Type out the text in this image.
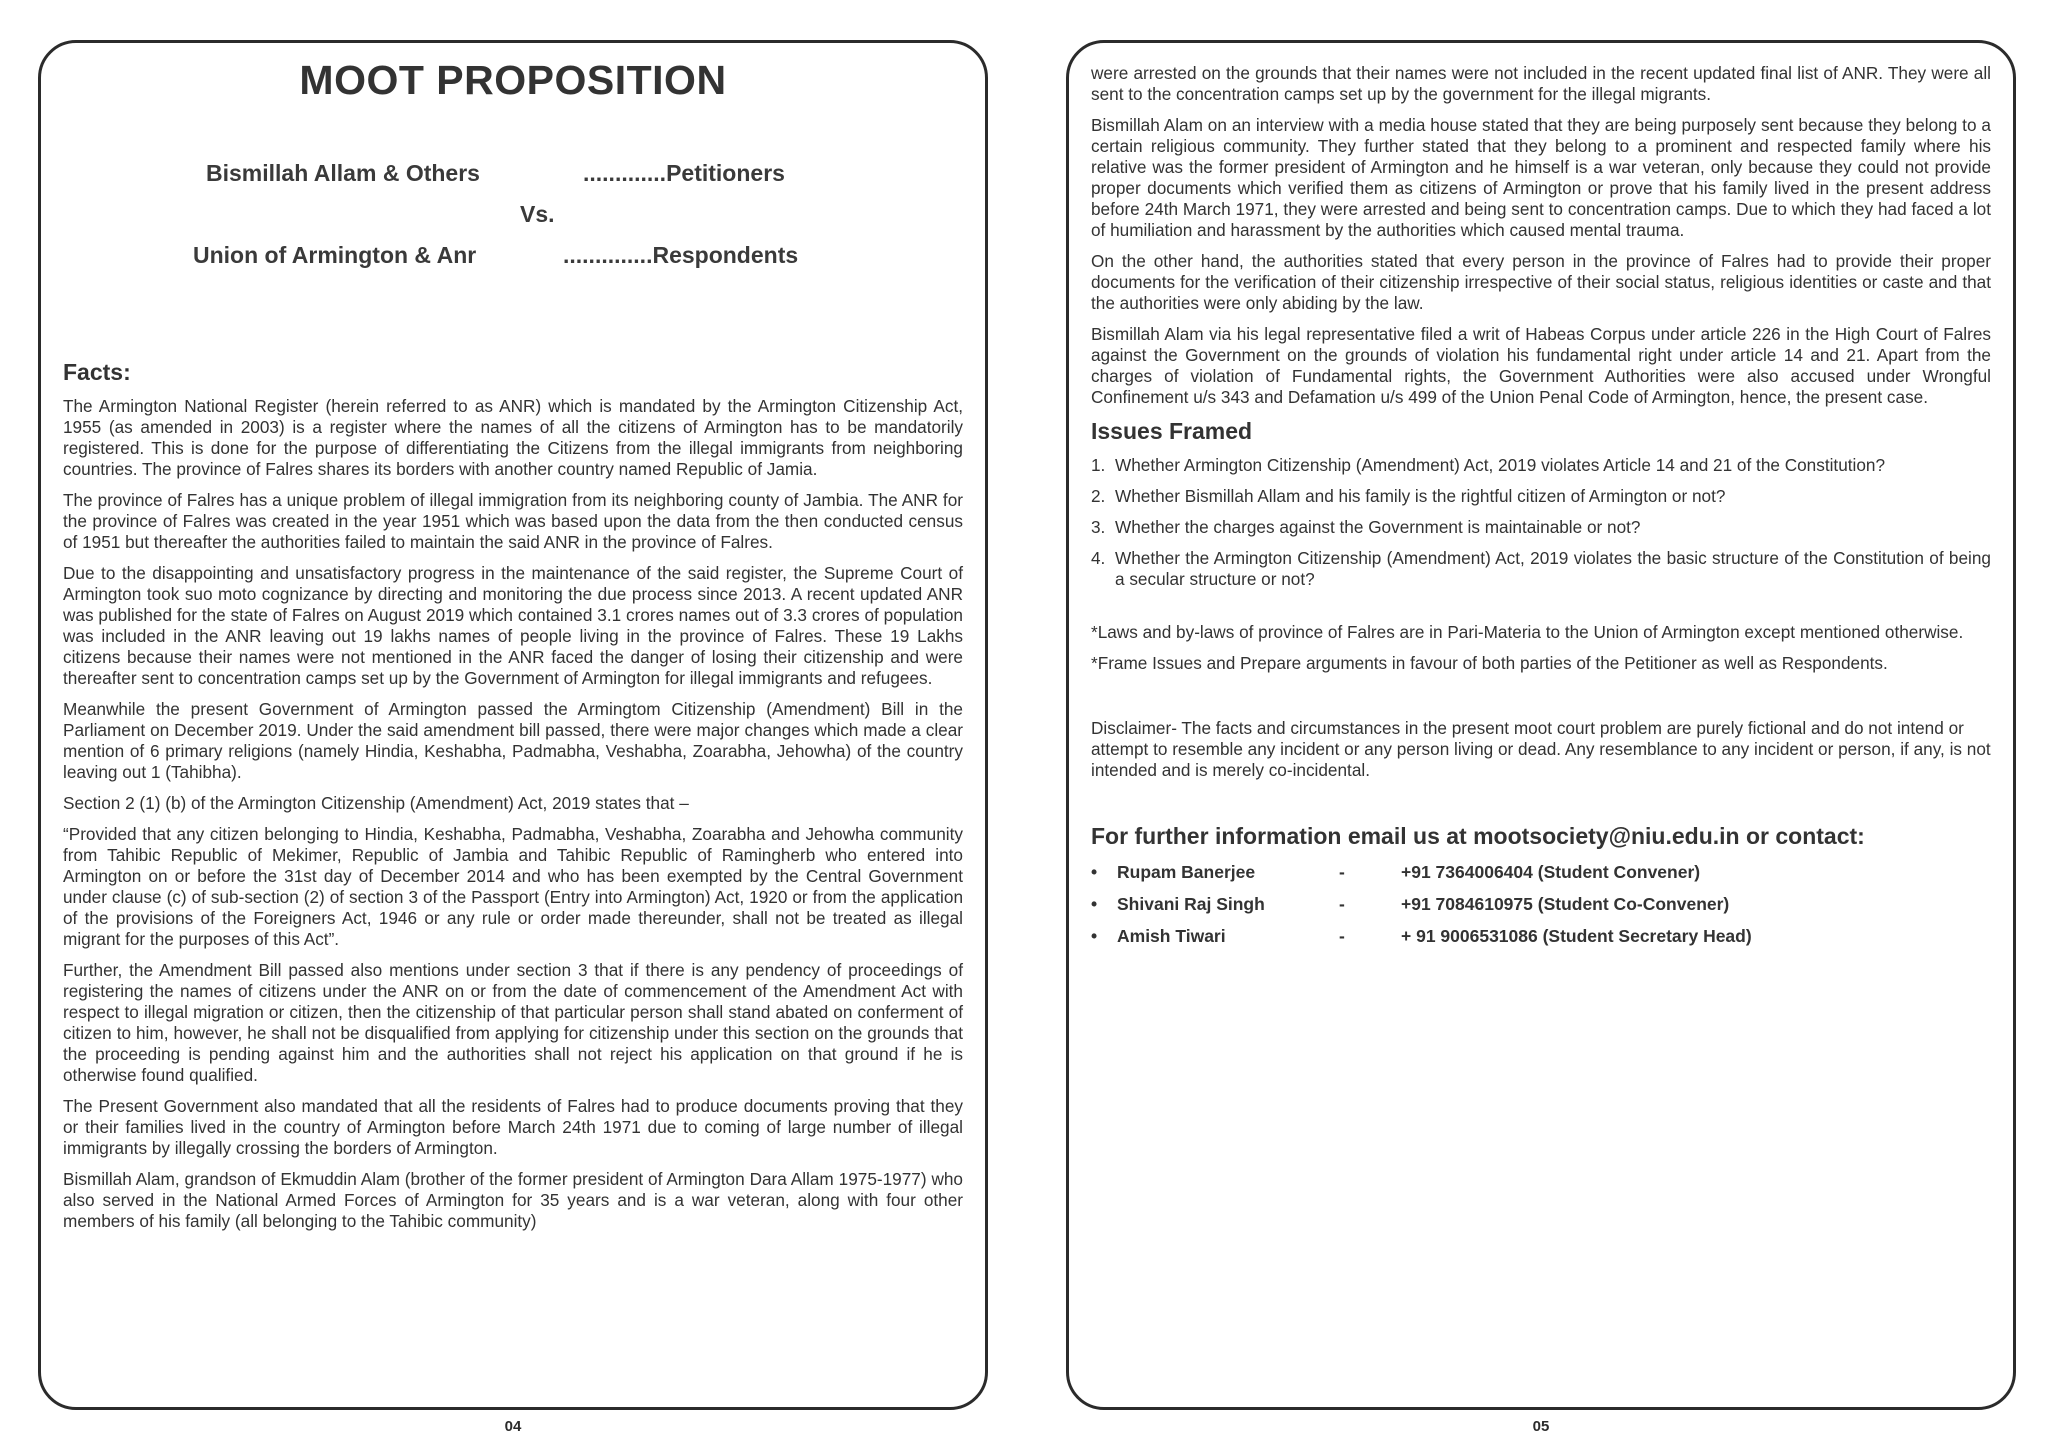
MOOT PROPOSITION
Bismillah Allam & Others	.............Petitioners
Vs.
Union of Armington & Anr	..............Respondents
Facts:

The Armington National Register (herein referred to as ANR) which is mandated by the Armington Citizenship Act, 1955 (as amended in 2003) is a register where the names of all the citizens of Armington has to be mandatorily registered. This is done for the purpose of differentiating the Citizens from the illegal immigrants from neighboring countries. The province of Falres shares its borders with another country named Republic of Jamia.

The province of Falres has a unique problem of illegal immigration from its neighboring county of Jambia. The ANR for the province of Falres was created in the year 1951 which was based upon the data from the then conducted census of 1951 but thereafter the authorities failed to maintain the said ANR in the province of Falres.

Due to the disappointing and unsatisfactory progress in the maintenance of the said register, the Supreme Court of Armington took suo moto cognizance by directing and monitoring the due process since 2013. A recent updated ANR was published for the state of Falres on August 2019 which contained 3.1 crores names out of 3.3 crores of population was included in the ANR leaving out 19 lakhs names of people living in the province of Falres. These 19 Lakhs citizens because their names were not mentioned in the ANR faced the danger of losing their citizenship and were thereafter sent to concentration camps set up by the Government of Armington for illegal immigrants and refugees.

Meanwhile the present Government of Armington passed the Armingtom Citizenship (Amendment) Bill in the Parliament on December 2019. Under the said amendment bill passed, there were major changes which made a clear mention of 6 primary religions (namely Hindia, Keshabha, Padmabha, Veshabha, Zoarabha, Jehowha) of the country leaving out 1 (Tahibha).

Section 2 (1) (b) of the Armington Citizenship (Amendment) Act, 2019 states that –

“Provided that any citizen belonging to Hindia, Keshabha, Padmabha, Veshabha, Zoarabha and Jehowha community from Tahibic Republic of Mekimer, Republic of Jambia and Tahibic Republic of Ramingherb who entered into Armington on or before the 31st day of December 2014 and who has been exempted by the Central Government under clause (c) of sub-section (2) of section 3 of the Passport (Entry into Armington) Act, 1920 or from the application of the provisions of the Foreigners Act, 1946 or any rule or order made thereunder, shall not be treated as illegal migrant for the purposes of this Act”.

Further, the Amendment Bill passed also mentions under section 3 that if there is any pendency of proceedings of registering the names of citizens under the ANR on or from the date of commencement of the Amendment Act with respect to illegal migration or citizen, then the citizenship of that particular person shall stand abated on conferment of citizen to him, however, he shall not be disqualified from applying for citizenship under this section on the grounds that the proceeding is pending against him and the authorities shall not reject his application on that ground if he is otherwise found qualified.

The Present Government also mandated that all the residents of Falres had to produce documents proving that they or their families lived in the country of Armington before March 24th 1971 due to coming of large number of illegal immigrants by illegally crossing the borders of Armington.

Bismillah Alam, grandson of Ekmuddin Alam (brother of the former president of Armington Dara Allam 1975-1977) who also served in the National Armed Forces of Armington for 35 years and is a war veteran, along with four other members of his family (all belonging to the Tahibic community)

04

were arrested on the grounds that their names were not included in the recent updated final list of ANR. They were all sent to the concentration camps set up by the government for the illegal migrants.

Bismillah Alam on an interview with a media house stated that they are being purposely sent because they belong to a certain religious community. They further stated that they belong to a prominent and respected family where his relative was the former president of Armington and he himself is a war veteran, only because they could not provide proper documents which verified them as citizens of Armington or prove that his family lived in the present address before 24th March 1971, they were arrested and being sent to concentration camps. Due to which they had faced a lot of humiliation and harassment by the authorities which caused mental trauma.

On the other hand, the authorities stated that every person in the province of Falres had to provide their proper documents for the verification of their citizenship irrespective of their social status, religious identities or caste and that the authorities were only abiding by the law.

Bismillah Alam via his legal representative filed a writ of Habeas Corpus under article 226 in the High Court of Falres against the Government on the grounds of violation his fundamental right under article 14 and 21. Apart from the charges of violation of Fundamental rights, the Government Authorities were also accused under Wrongful Confinement u/s 343 and Defamation u/s 499 of the Union Penal Code of Armington, hence, the present case.

Issues Framed
1. Whether Armington Citizenship (Amendment) Act, 2019 violates Article 14 and 21 of the Constitution?
2. Whether Bismillah Allam and his family is the rightful citizen of Armington or not?
3. Whether the charges against the Government is maintainable or not?
4. Whether the Armington Citizenship (Amendment) Act, 2019 violates the basic structure of the Constitution of being a secular structure or not?

*Laws and by-laws of province of Falres are in Pari-Materia to the Union of Armington except mentioned otherwise.

*Frame Issues and Prepare arguments in favour of both parties of the Petitioner as well as Respondents.

Disclaimer- The facts and circumstances in the present moot court problem are purely fictional and do not intend or attempt to resemble any incident or any person living or dead. Any resemblance to any incident or person, if any, is not intended and is merely co-incidental.

For further information email us at mootsociety@niu.edu.in or contact:
• Rupam Banerjee	-	+91 7364006404 (Student Convener)
• Shivani Raj Singh	-	+91 7084610975 (Student Co-Convener)
• Amish Tiwari	-	+ 91 9006531086 (Student Secretary Head)
05
